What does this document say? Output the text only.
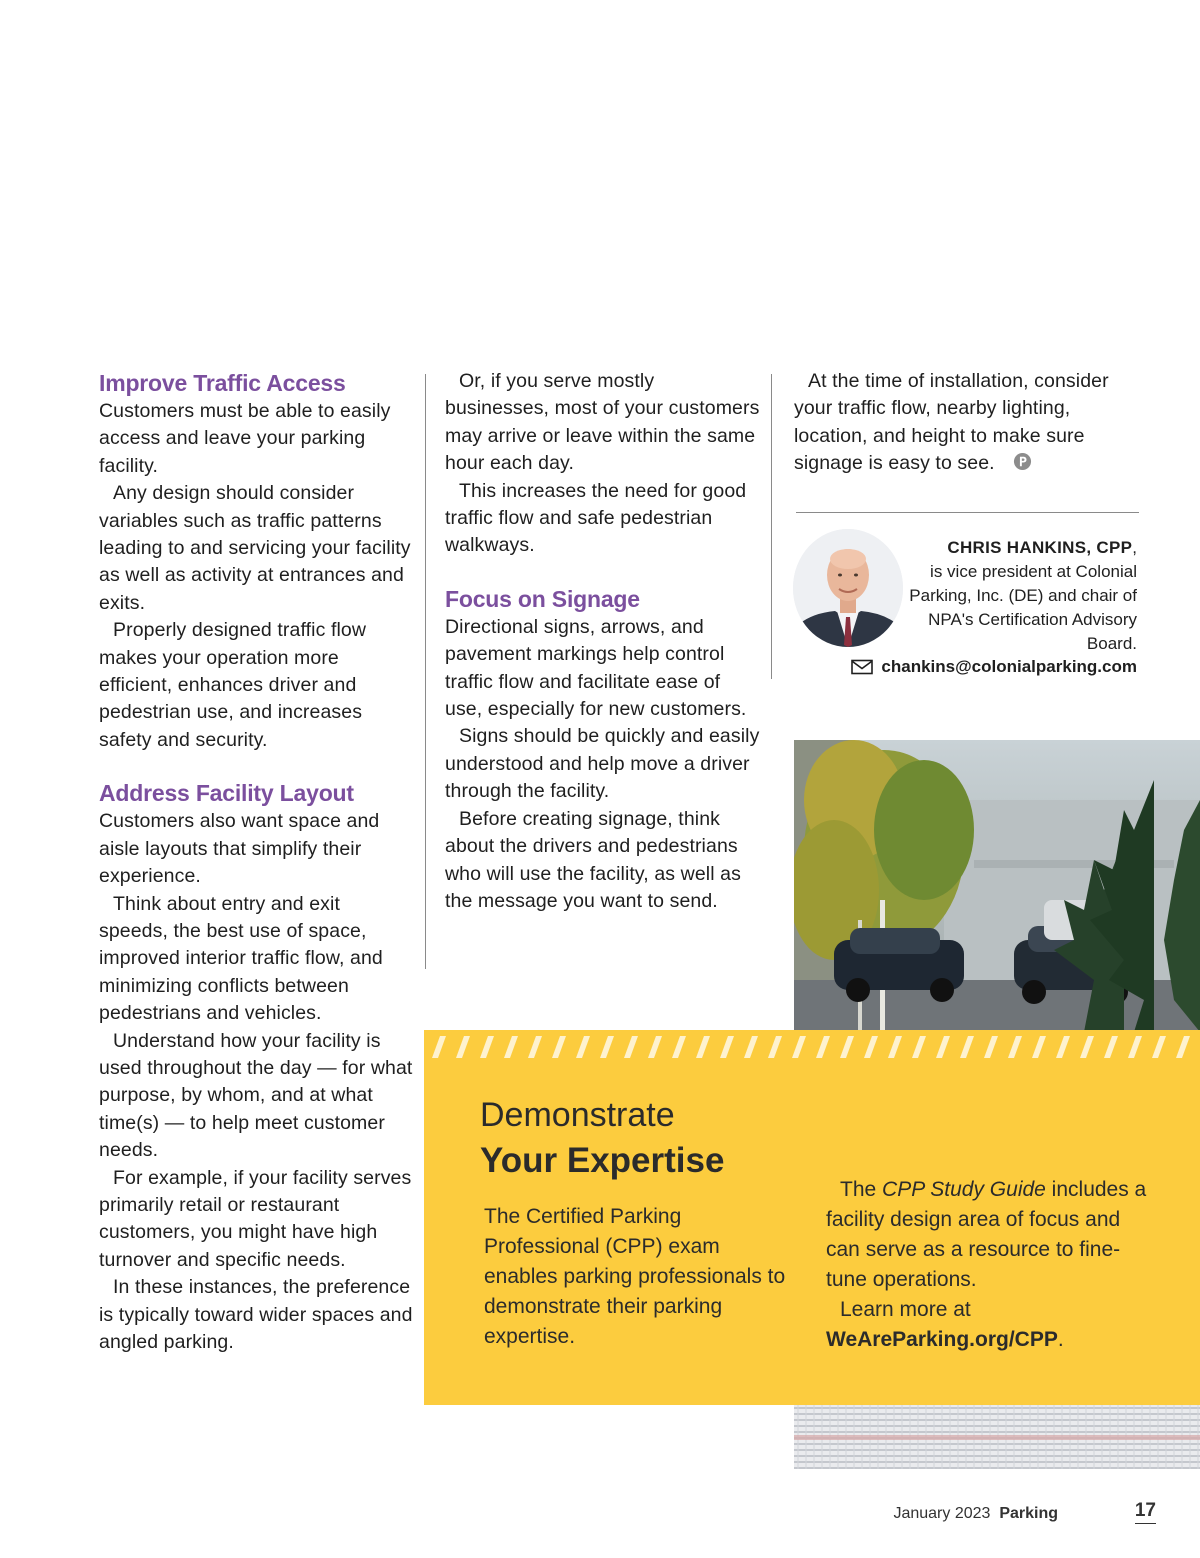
Improve Traffic Access

Customers must be able to easily access and leave your parking facility.

Any design should consider variables such as traffic patterns leading to and servicing your facility as well as activity at entrances and exits.

Properly designed traffic flow makes your operation more efficient, enhances driver and pedestrian use, and increases safety and security.

Address Facility Layout

Customers also want space and aisle layouts that simplify their experience.

Think about entry and exit speeds, the best use of space, improved interior traffic flow, and minimizing conflicts between pedestrians and vehicles.

Understand how your facility is used throughout the day — for what purpose, by whom, and at what time(s) — to help meet customer needs.

For example, if your facility serves primarily retail or restaurant customers, you might have high turnover and specific needs.

In these instances, the preference is typically toward wider spaces and angled parking.

Or, if you serve mostly businesses, most of your customers may arrive or leave within the same hour each day.

This increases the need for good traffic flow and safe pedestrian walkways.

Focus on Signage

Directional signs, arrows, and pavement markings help control traffic flow and facilitate ease of use, especially for new customers.

Signs should be quickly and easily understood and help move a driver through the facility.

Before creating signage, think about the drivers and pedestrians who will use the facility, as well as the message you want to send.

At the time of installation, consider your traffic flow, nearby lighting, location, and height to make sure signage is easy to see.

CHRIS HANKINS, CPP,
is vice president at Colonial Parking, Inc. (DE) and chair of NPA's Certification Advisory Board.
chankins@colonialparking.com
Demonstrate
Your Expertise

The Certified Parking Professional (CPP) exam enables parking professionals to demonstrate their parking expertise.

The CPP Study Guide includes a facility design area of focus and can serve as a resource to fine-tune operations.

Learn more at

WeAreParking.org/CPP.

January 2023 Parking	17
